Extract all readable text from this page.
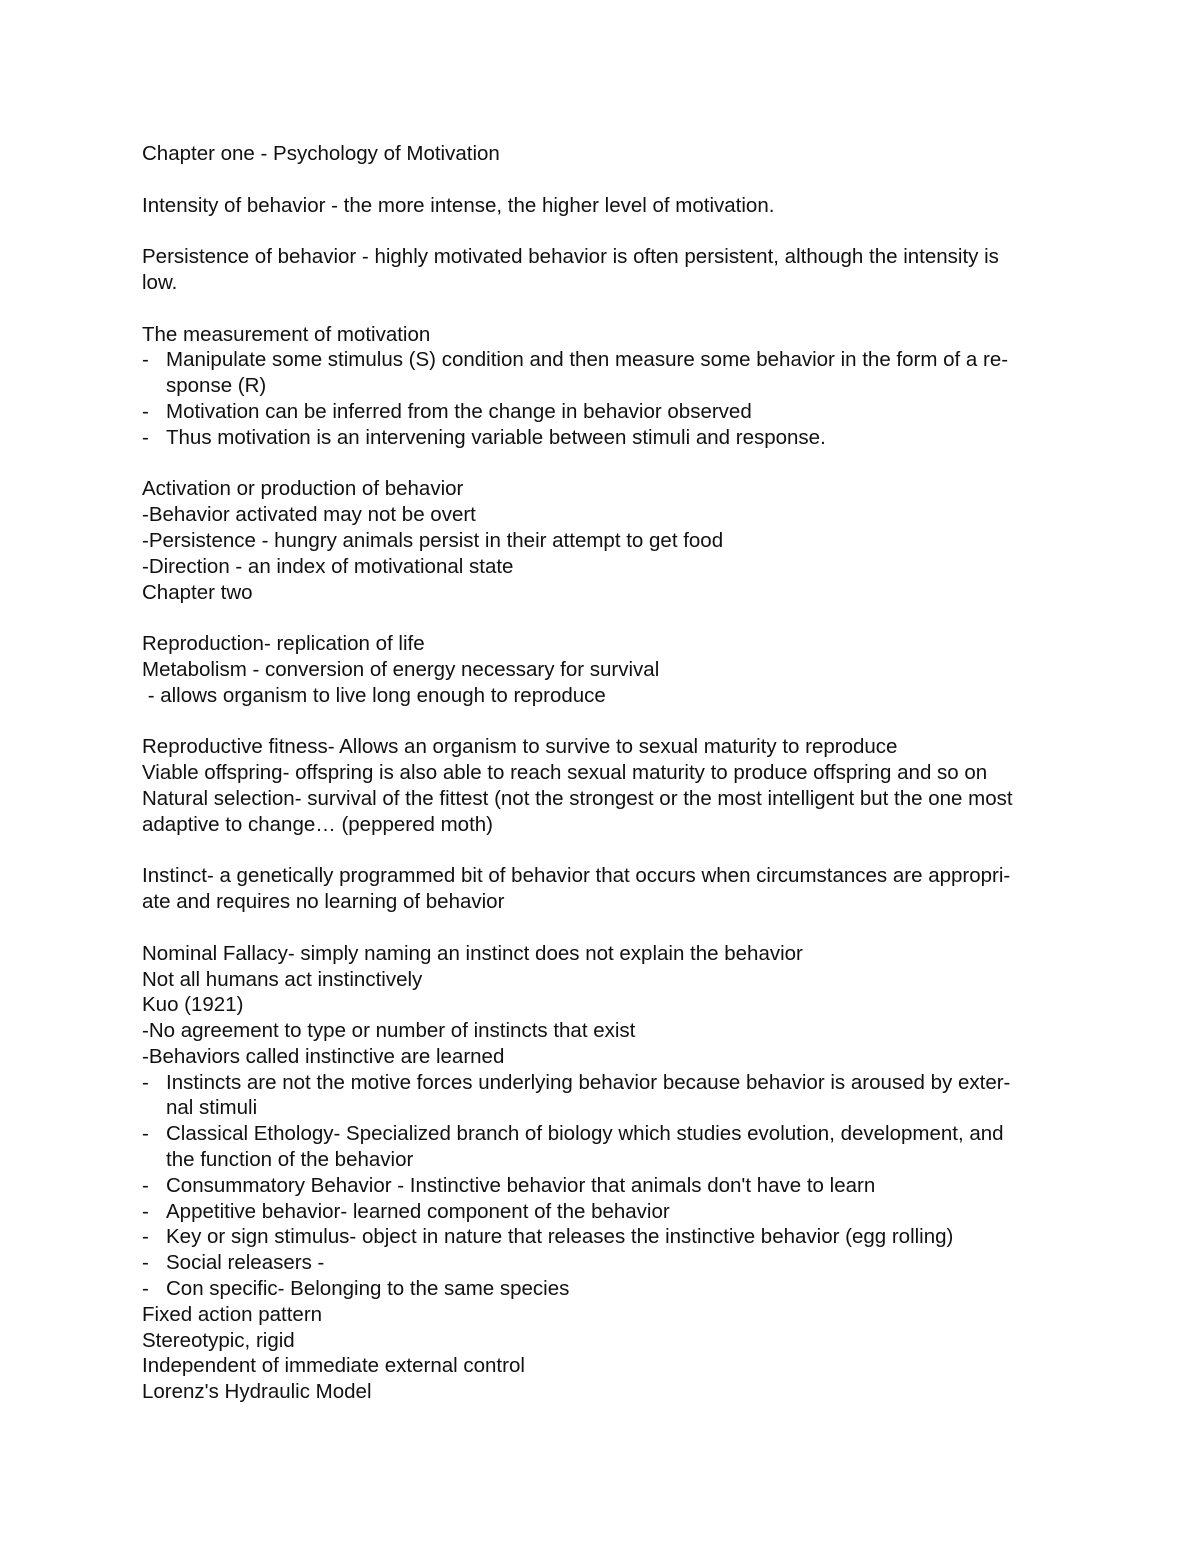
Chapter one - Psychology of Motivation
Intensity of behavior - the more intense, the higher level of motivation.
Persistence of behavior - highly motivated behavior is often persistent, although the intensity is
low.
The measurement of motivation
- Manipulate some stimulus (S) condition and then measure some behavior in the form of a re-
sponse (R)
- Motivation can be inferred from the change in behavior observed
- Thus motivation is an intervening variable between stimuli and response.
Activation or production of behavior
-Behavior activated may not be overt
-Persistence - hungry animals persist in their attempt to get food
-Direction - an index of motivational state
Chapter two
Reproduction- replication of life
Metabolism - conversion of energy necessary for survival
- allows organism to live long enough to reproduce
Reproductive fitness- Allows an organism to survive to sexual maturity to reproduce
Viable offspring- offspring is also able to reach sexual maturity to produce offspring and so on
Natural selection- survival of the fittest (not the strongest or the most intelligent but the one most
adaptive to change… (peppered moth)
Instinct- a genetically programmed bit of behavior that occurs when circumstances are appropri-
ate and requires no learning of behavior
Nominal Fallacy- simply naming an instinct does not explain the behavior
Not all humans act instinctively
Kuo (1921)
-No agreement to type or number of instincts that exist
-Behaviors called instinctive are learned
- Instincts are not the motive forces underlying behavior because behavior is aroused by exter-
nal stimuli
- Classical Ethology- Specialized branch of biology which studies evolution, development, and
the function of the behavior
- Consummatory Behavior - Instinctive behavior that animals don't have to learn
- Appetitive behavior- learned component of the behavior
- Key or sign stimulus- object in nature that releases the instinctive behavior (egg rolling)
- Social releasers -
- Con specific- Belonging to the same species
Fixed action pattern
Stereotypic, rigid
Independent of immediate external control
Lorenz's Hydraulic Model
